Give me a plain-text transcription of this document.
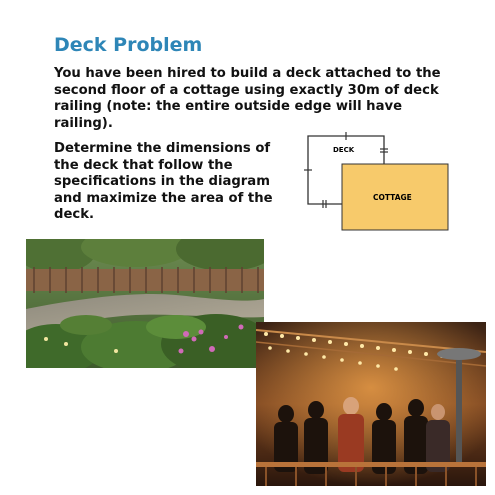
Deck Problem

You have been hired to build a deck attached to the second floor of a cottage using exactly 30m of deck railing (note: the entire outside edge will have railing).

Determine the dimensions of the deck that follow the specifications in the diagram and maximize the area of the deck.

DECK
COTTAGE
